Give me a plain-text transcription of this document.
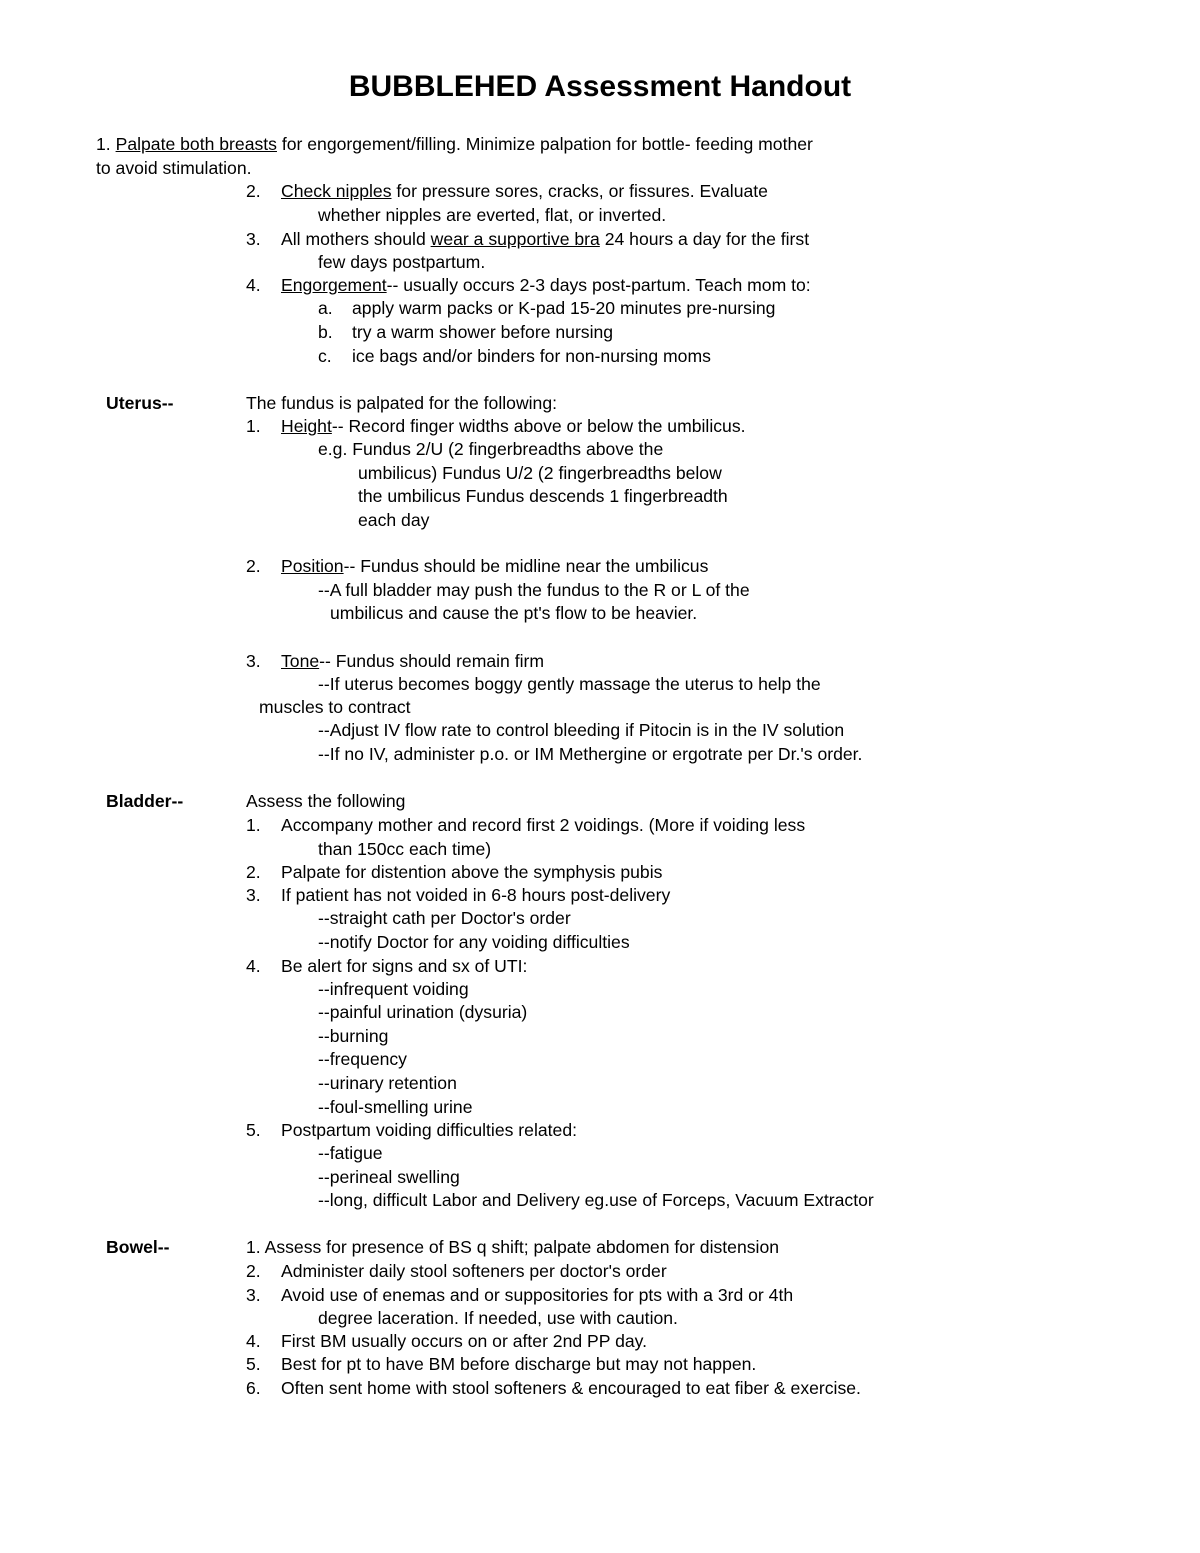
BUBBLEHED Assessment Handout
1. Palpate both breasts for engorgement/filling. Minimize palpation for bottle- feeding mother
to avoid stimulation.
2. Check nipples for pressure sores, cracks, or fissures. Evaluate
whether nipples are everted, flat, or inverted.
3. All mothers should wear a supportive bra 24 hours a day for the first
few days postpartum.
4. Engorgement-- usually occurs 2-3 days post-partum. Teach mom to:
a. apply warm packs or K-pad 15-20 minutes pre-nursing
b. try a warm shower before nursing
c. ice bags and/or binders for non-nursing moms
Uterus--	The fundus is palpated for the following:
1. Height-- Record finger widths above or below the umbilicus.
e.g. Fundus 2/U (2 fingerbreadths above the
umbilicus) Fundus U/2 (2 fingerbreadths below
the umbilicus Fundus descends 1 fingerbreadth
each day
2. Position-- Fundus should be midline near the umbilicus
--A full bladder may push the fundus to the R or L of the
umbilicus and cause the pt's flow to be heavier.
3. Tone-- Fundus should remain firm
--If uterus becomes boggy gently massage the uterus to help the
muscles to contract
--Adjust IV flow rate to control bleeding if Pitocin is in the IV solution
--If no IV, administer p.o. or IM Methergine or ergotrate per Dr.'s order.
Bladder--	Assess the following
1. Accompany mother and record first 2 voidings. (More if voiding less
than 150cc each time)
2. Palpate for distention above the symphysis pubis
3. If patient has not voided in 6-8 hours post-delivery
--straight cath per Doctor's order
--notify Doctor for any voiding difficulties
4. Be alert for signs and sx of UTI:
--infrequent voiding
--painful urination (dysuria)
--burning
--frequency
--urinary retention
--foul-smelling urine
5. Postpartum voiding difficulties related:
--fatigue
--perineal swelling
--long, difficult Labor and Delivery eg.use of Forceps, Vacuum Extractor
Bowel--	1. Assess for presence of BS q shift; palpate abdomen for distension
2. Administer daily stool softeners per doctor's order
3. Avoid use of enemas and or suppositories for pts with a 3rd or 4th
degree laceration. If needed, use with caution.
4. First BM usually occurs on or after 2nd PP day.
5. Best for pt to have BM before discharge but may not happen.
6. Often sent home with stool softeners & encouraged to eat fiber & exercise.
